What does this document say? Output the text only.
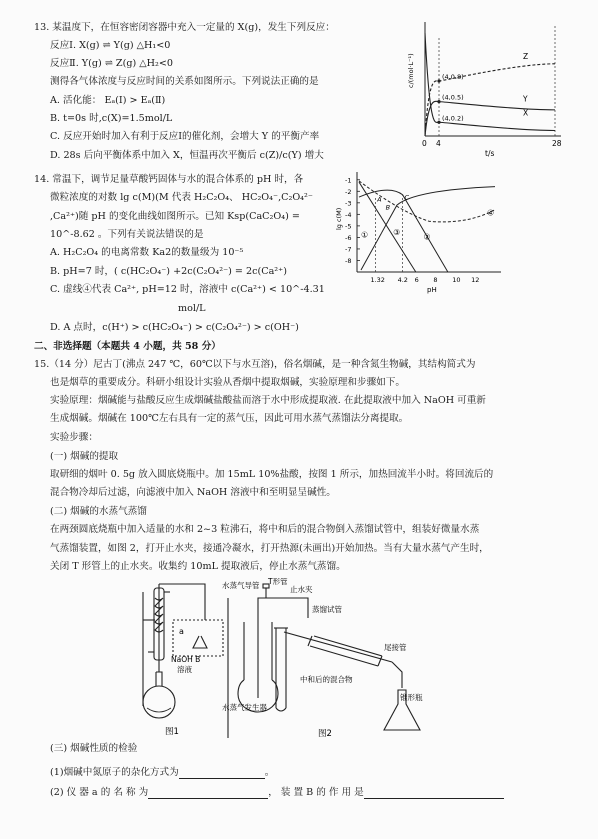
13. 某温度下，在恒容密闭容器中充入一定量的 X(g)，发生下列反应：
反应Ⅰ. X(g) ⇌ Y(g) △H₁<0
反应Ⅱ. Y(g) ⇌ Z(g) △H₂<0
测得各气体浓度与反应时间的关系如图所示。下列说法正确的是
A. 活化能： Eₐ(Ⅰ) > Eₐ(Ⅱ)
B. t=0s 时,c(X)=1.5mol/L
C. 反应开始时加入有利于反应Ⅰ的催化剂，会增大 Y 的平衡产率
D. 28s 后向平衡体系中加入 X，恒温再次平衡后 c(Z)/c(Y) 增大
0 4	28
t/s
c/(mol·L⁻¹)	(4,0.8)
(4,0.5)
(4,0.2)
Z
Y
X
14. 常温下，调节足量草酸钙固体与水的混合体系的 pH 时，各
微粒浓度的对数 lg c(M)(M 代表 H₂C₂O₄、 HC₂O₄⁻,C₂O₄²⁻
,Ca²⁺)随 pH 的变化曲线如图所示。已知 Ksp(CaC₂O₄) =
10^-8.62 。下列有关说法错误的是
A. H₂C₂O₄ 的电离常数 Ka2的数量级为 10⁻⁵
B. pH=7 时，( c(HC₂O₄⁻) +2c(C₂O₄²⁻) = 2c(Ca²⁺)
C. 虚线④代表 Ca²⁺, pH=12 时，溶液中 c(Ca²⁺) < 10^-4.31
mol/L
D. A 点时，c(H⁺) > c(HC₂O₄⁻) > c(C₂O₄²⁻) > c(OH⁻)
-1
-2
-3
-4
-5
-6
-7
-8
1.32 4.2 6 8 10 12
pH
lg c(M)
①	②
③
④
A
B
C
二、非选择题（本题共 4 小题，共 58 分）
15.（14 分）尼古丁(沸点 247 ℃，60℃以下与水互溶)，俗名烟碱，是一种含氮生物碱，其结构简式为
也是烟草的重要成分。科研小组设计实验从香烟中提取烟碱，实验原理和步骤如下。
实验原理：烟碱能与盐酸反应生成烟碱盐酸盐而溶于水中形成提取液. 在此提取液中加入 NaOH 可重新
生成烟碱。烟碱在 100℃左右具有一定的蒸气压，因此可用水蒸气蒸馏法分离提取。
实验步骤：
(一) 烟碱的提取
取研细的烟叶 0. 5g 放入圆底烧瓶中。加 15mL 10%盐酸，按图 1 所示，加热回流半小时。将回流后的
混合物冷却后过滤，向滤液中加入 NaOH 溶液中和至明显呈碱性。
(二) 烟碱的水蒸气蒸馏
在两颈圆底烧瓶中加入适量的水和 2~3 粒沸石，将中和后的混合物倒入蒸馏试管中，组装好微量水蒸
气蒸馏装置，如图 2，打开止水夹，接通冷凝水，打开热源(未画出)开始加热。当有大量水蒸气产生时，
关闭 T 形管上的止水夹。收集约 10mL 提取液后，停止水蒸气蒸馏。
a
NaOH B
溶液
图1
水蒸气导管 T形管
止水夹
蒸馏试管
尾接管
中和后的混合物
水蒸气发生器
锥形瓶
图2
(三) 烟碱性质的检验
(1)烟碱中氮原子的杂化方式为	。
(2) 仪 器 a 的 名 称 为	， 装 置 B 的 作 用 是
